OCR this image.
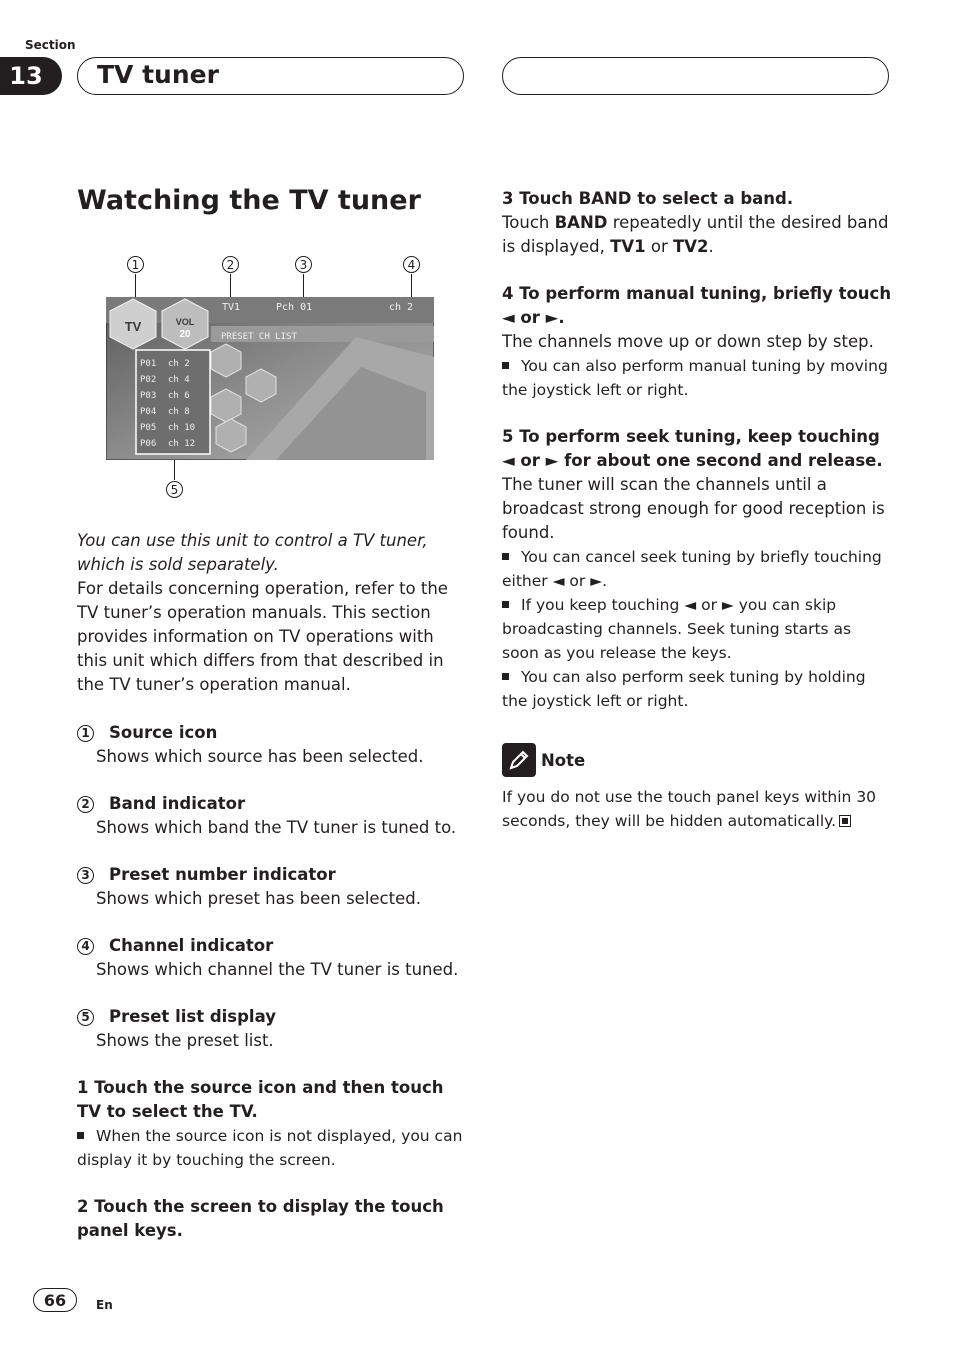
Section
13	TV tuner
Watching the TV tuner
1	2	3	4
5
TV	VOL
20
TV1	Pch 01	ch 2
PRESET CH LIST
P01 ch 2
P02 ch 4
P03 ch 6
P04 ch 8
P05 ch 10
P06 ch 12

You can use this unit to control a TV tuner, which is sold separately.

For details concerning operation, refer to the TV tuner’s operation manuals. This section provides information on TV operations with this unit which differs from that described in the TV tuner’s operation manual.

1 Source icon

Shows which source has been selected.

2 Band indicator

Shows which band the TV tuner is tuned to.

3 Preset number indicator

Shows which preset has been selected.

4 Channel indicator

Shows which channel the TV tuner is tuned.

5 Preset list display

Shows the preset list.

1 Touch the source icon and then touch TV to select the TV.

When the source icon is not displayed, you can display it by touching the screen.

2 Touch the screen to display the touch panel keys.

3 Touch BAND to select a band.

Touch BAND repeatedly until the desired band is displayed, TV1 or TV2.

4 To perform manual tuning, briefly touch ◄ or ►.

The channels move up or down step by step.

You can also perform manual tuning by moving the joystick left or right.

5 To perform seek tuning, keep touching ◄ or ► for about one second and release.

The tuner will scan the channels until a broadcast strong enough for good reception is found.

You can cancel seek tuning by briefly touching either ◄ or ►.

If you keep touching ◄ or ► you can skip broadcasting channels. Seek tuning starts as soon as you release the keys.

You can also perform seek tuning by holding the joystick left or right.

Note

If you do not use the touch panel keys within 30 seconds, they will be hidden automatically.

66	En
